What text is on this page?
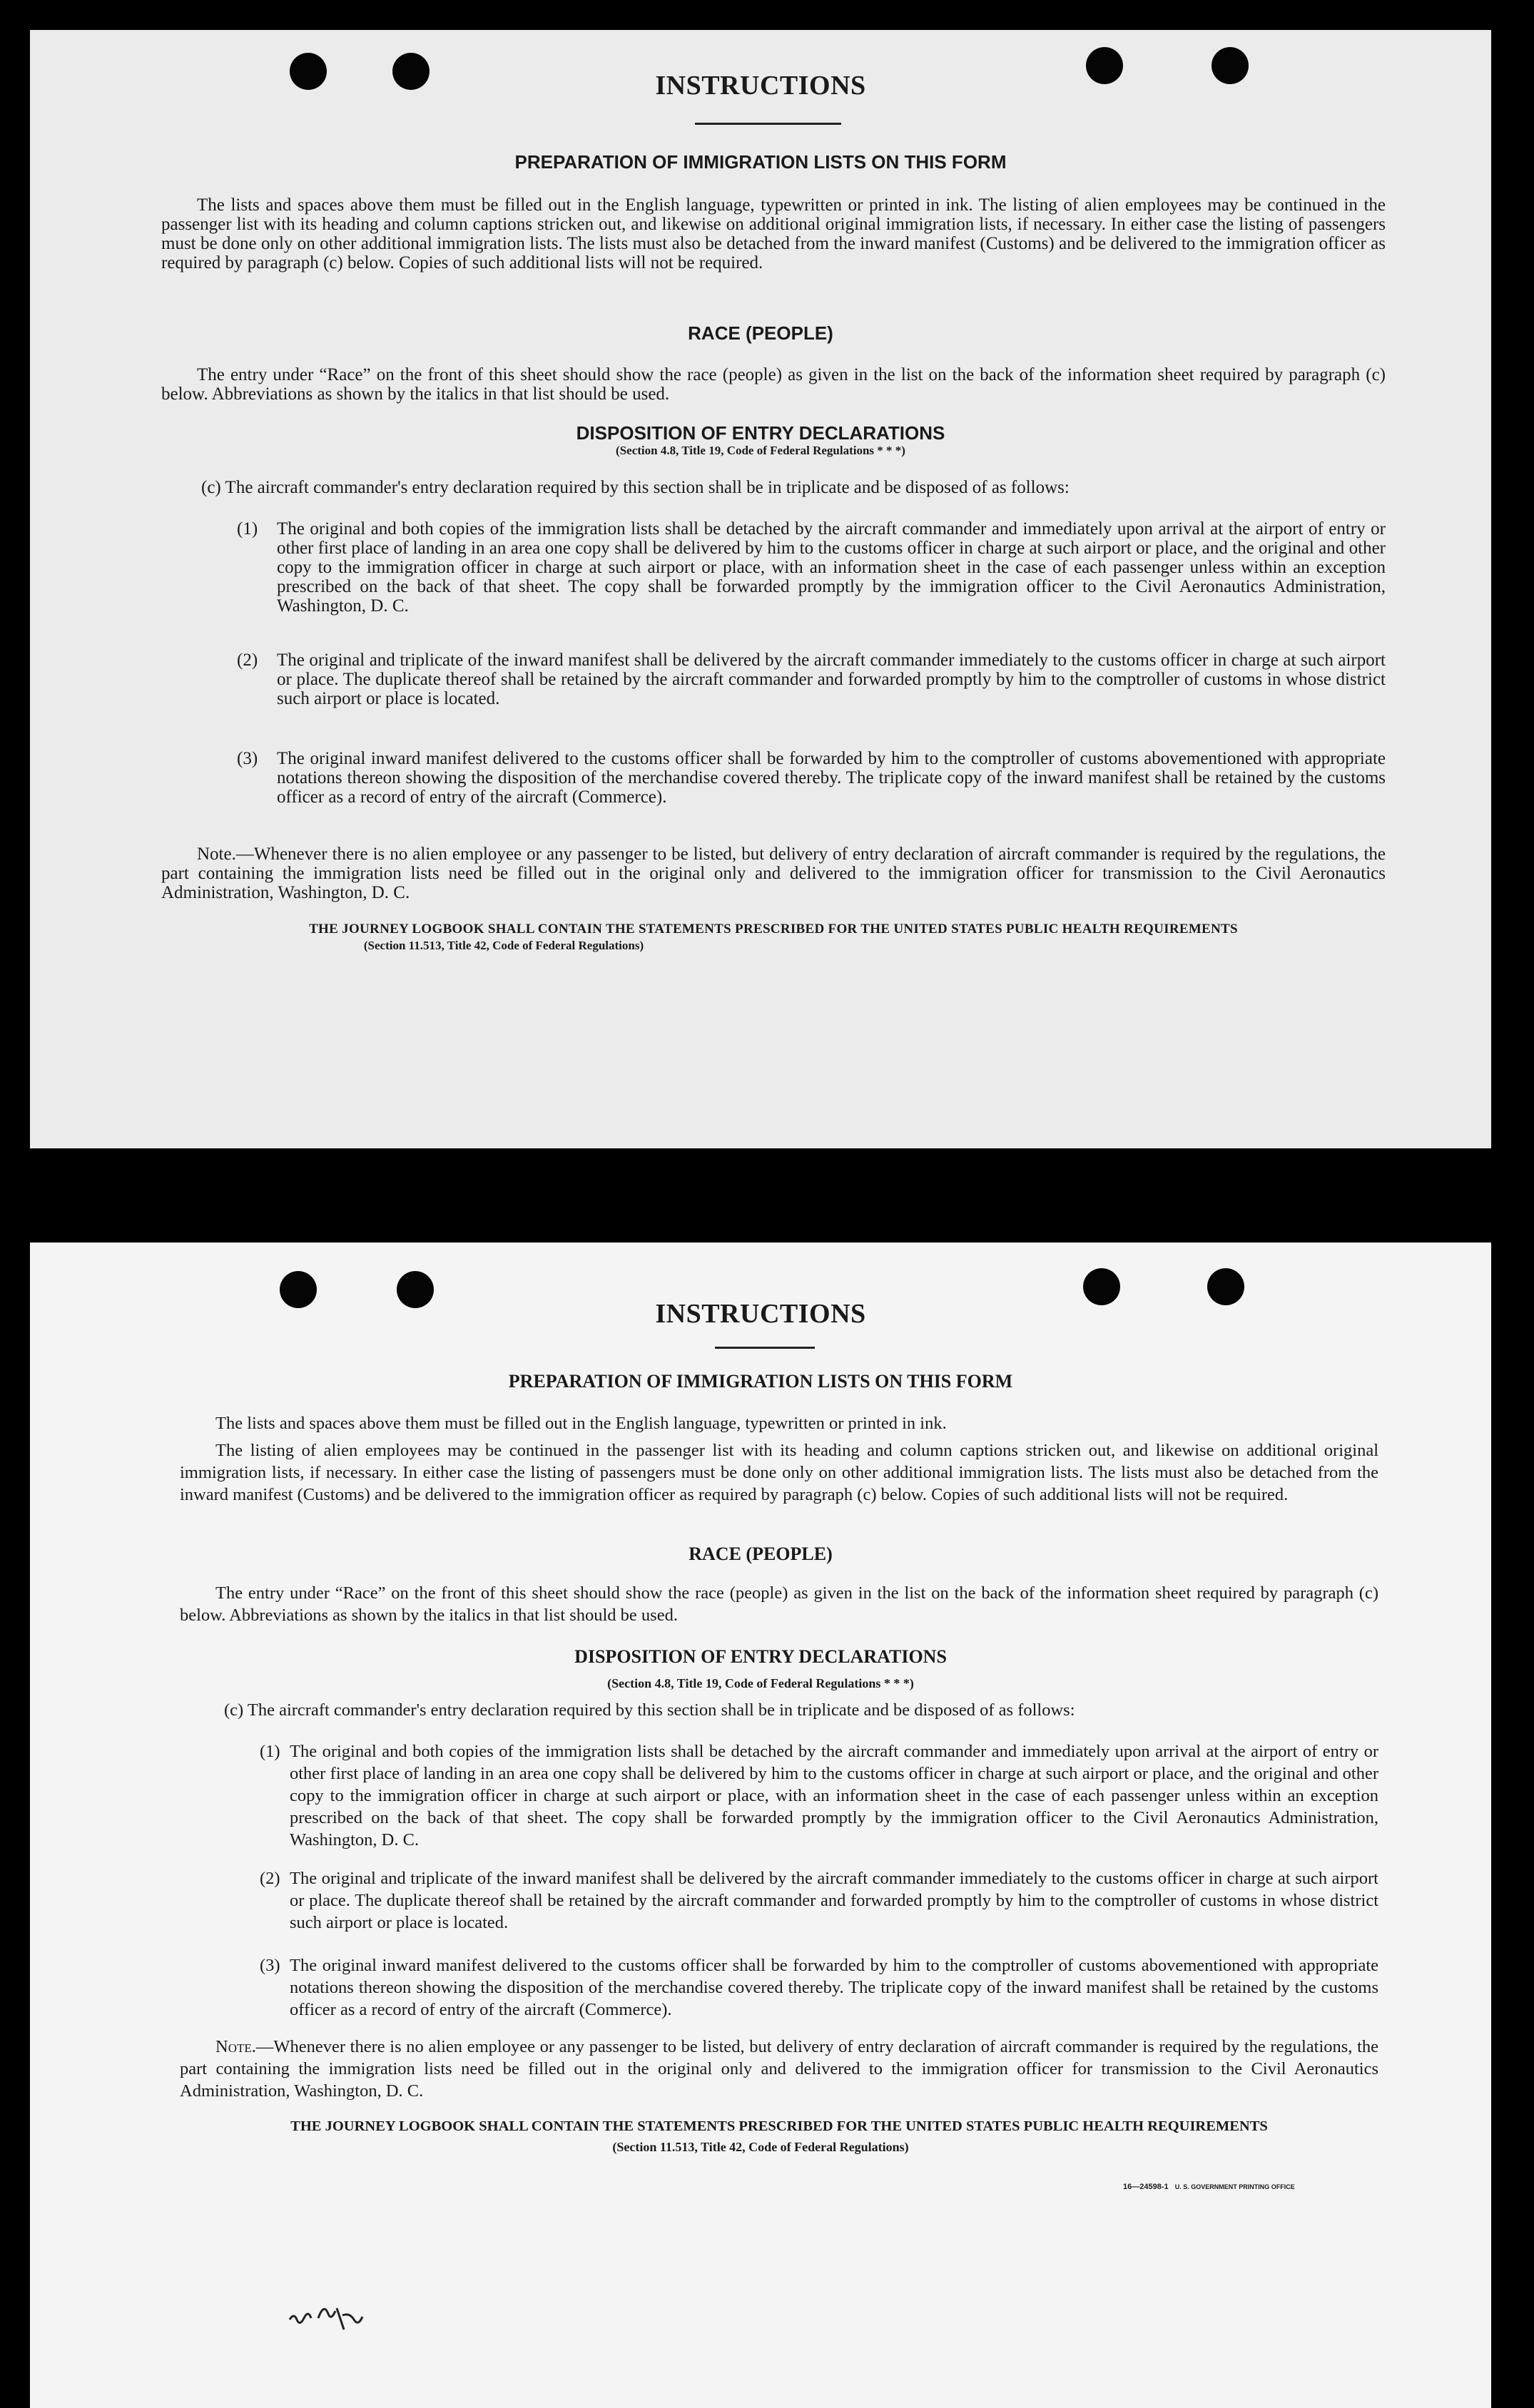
INSTRUCTIONS
PREPARATION OF IMMIGRATION LISTS ON THIS FORM
The lists and spaces above them must be filled out in the English language, typewritten or printed in ink. The listing of alien employees may be continued in the passenger list with its heading and column captions stricken out, and likewise on additional original immigration lists, if necessary. In either case the listing of passengers must be done only on other additional immigration lists. The lists must also be detached from the inward manifest (Customs) and be delivered to the immigration officer as required by paragraph (c) below. Copies of such additional lists will not be required.
RACE (PEOPLE)
The entry under “Race” on the front of this sheet should show the race (people) as given in the list on the back of the information sheet required by paragraph (c) below. Abbreviations as shown by the italics in that list should be used.
DISPOSITION OF ENTRY DECLARATIONS
(Section 4.8, Title 19, Code of Federal Regulations * * *)
(c) The aircraft commander's entry declaration required by this section shall be in triplicate and be disposed of as follows:
(1) The original and both copies of the immigration lists shall be detached by the aircraft commander and immediately upon arrival at the airport of entry or other first place of landing in an area one copy shall be delivered by him to the customs officer in charge at such airport or place, and the original and other copy to the immigration officer in charge at such airport or place, with an information sheet in the case of each passenger unless within an exception prescribed on the back of that sheet. The copy shall be forwarded promptly by the immigration officer to the Civil Aeronautics Administration, Washington, D. C.
(2) The original and triplicate of the inward manifest shall be delivered by the aircraft commander immediately to the customs officer in charge at such airport or place. The duplicate thereof shall be retained by the aircraft commander and forwarded promptly by him to the comptroller of customs in whose district such airport or place is located.
(3) The original inward manifest delivered to the customs officer shall be forwarded by him to the comptroller of customs abovementioned with appropriate notations thereon showing the disposition of the merchandise covered thereby. The triplicate copy of the inward manifest shall be retained by the customs officer as a record of entry of the aircraft (Commerce).
Note.—Whenever there is no alien employee or any passenger to be listed, but delivery of entry declaration of aircraft commander is required by the regulations, the part containing the immigration lists need be filled out in the original only and delivered to the immigration officer for transmission to the Civil Aeronautics Administration, Washington, D. C.
THE JOURNEY LOGBOOK SHALL CONTAIN THE STATEMENTS PRESCRIBED FOR THE UNITED STATES PUBLIC HEALTH REQUIREMENTS
(Section 11.513, Title 42, Code of Federal Regulations)
INSTRUCTIONS
PREPARATION OF IMMIGRATION LISTS ON THIS FORM
The lists and spaces above them must be filled out in the English language, typewritten or printed in ink.
The listing of alien employees may be continued in the passenger list with its heading and column captions stricken out, and likewise on additional original immigration lists, if necessary. In either case the listing of passengers must be done only on other additional immigration lists. The lists must also be detached from the inward manifest (Customs) and be delivered to the immigration officer as required by paragraph (c) below. Copies of such additional lists will not be required.
RACE (PEOPLE)
The entry under “Race” on the front of this sheet should show the race (people) as given in the list on the back of the information sheet required by paragraph (c) below. Abbreviations as shown by the italics in that list should be used.
DISPOSITION OF ENTRY DECLARATIONS
(Section 4.8, Title 19, Code of Federal Regulations * * *)
(c) The aircraft commander's entry declaration required by this section shall be in triplicate and be disposed of as follows:
(1) The original and both copies of the immigration lists shall be detached by the aircraft commander and immediately upon arrival at the airport of entry or other first place of landing in an area one copy shall be delivered by him to the customs officer in charge at such airport or place, and the original and other copy to the immigration officer in charge at such airport or place, with an information sheet in the case of each passenger unless within an exception prescribed on the back of that sheet. The copy shall be forwarded promptly by the immigration officer to the Civil Aeronautics Administration, Washington, D. C.
(2) The original and triplicate of the inward manifest shall be delivered by the aircraft commander immediately to the customs officer in charge at such airport or place. The duplicate thereof shall be retained by the aircraft commander and forwarded promptly by him to the comptroller of customs in whose district such airport or place is located.
(3) The original inward manifest delivered to the customs officer shall be forwarded by him to the comptroller of customs abovementioned with appropriate notations thereon showing the disposition of the merchandise covered thereby. The triplicate copy of the inward manifest shall be retained by the customs officer as a record of entry of the aircraft (Commerce).
Note.—Whenever there is no alien employee or any passenger to be listed, but delivery of entry declaration of aircraft commander is required by the regulations, the part containing the immigration lists need be filled out in the original only and delivered to the immigration officer for transmission to the Civil Aeronautics Administration, Washington, D. C.
THE JOURNEY LOGBOOK SHALL CONTAIN THE STATEMENTS PRESCRIBED FOR THE UNITED STATES PUBLIC HEALTH REQUIREMENTS
(Section 11.513, Title 42, Code of Federal Regulations)
16—24598-1 U. S. GOVERNMENT PRINTING OFFICE
